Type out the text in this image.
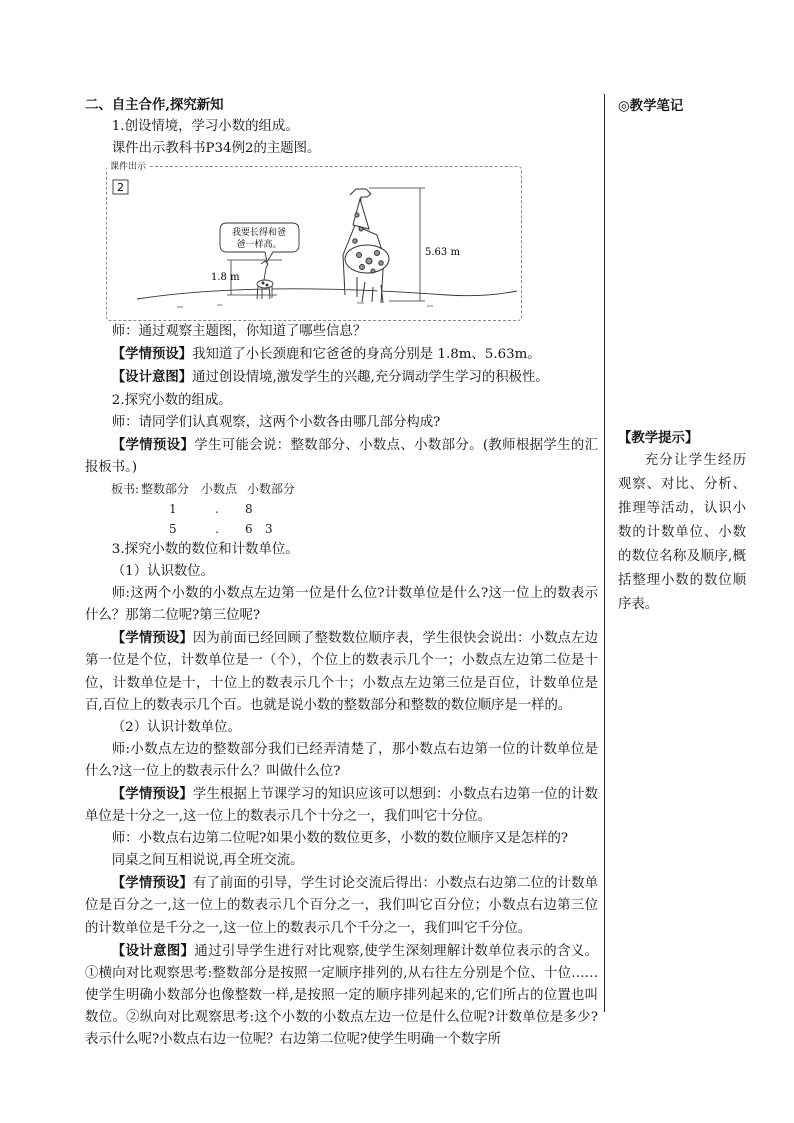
二、自主合作,探究新知

1.创设情境，学习小数的组成。

课件出示教科书P34例2的主题图。

课件出示
2
1.8 m
我要长得和爸
爸一样高。
5.63 m

师：通过观察主题图，你知道了哪些信息？

【学情预设】我知道了小长颈鹿和它爸爸的身高分别是 1.8m、5.63m。

【设计意图】通过创设情境,激发学生的兴趣,充分调动学生学习的积极性。

2.探究小数的组成。

师：请同学们认真观察，这两个小数各由哪几部分构成?

【学情预设】学生可能会说：整数部分、小数点、小数部分。(教师根据学生的汇报板书。)

板书: 整数部分 小数点 小数部分
1	. 8
5	. 6 3

3.探究小数的数位和计数单位。

（1）认识数位。

师:这两个小数的小数点左边第一位是什么位?计数单位是什么?这一位上的数表示什么？那第二位呢?第三位呢?

【学情预设】因为前面已经回顾了整数数位顺序表，学生很快会说出：小数点左边第一位是个位，计数单位是一（个），个位上的数表示几个一；小数点左边第二位是十位，计数单位是十，十位上的数表示几个十；小数点左边第三位是百位，计数单位是百,百位上的数表示几个百。也就是说小数的整数部分和整数的数位顺序是一样的。

（2）认识计数单位。

师:小数点左边的整数部分我们已经弄清楚了，那小数点右边第一位的计数单位是什么?这一位上的数表示什么？叫做什么位?

【学情预设】学生根据上节课学习的知识应该可以想到：小数点右边第一位的计数单位是十分之一,这一位上的数表示几个十分之一，我们叫它十分位。

师：小数点右边第二位呢?如果小数的数位更多，小数的数位顺序又是怎样的?

同桌之间互相说说,再全班交流。

【学情预设】有了前面的引导，学生讨论交流后得出：小数点右边第二位的计数单位是百分之一,这一位上的数表示几个百分之一，我们叫它百分位；小数点右边第三位的计数单位是千分之一,这一位上的数表示几个千分之一，我们叫它千分位。

【设计意图】通过引导学生进行对比观察,使学生深刻理解计数单位表示的含义。①横向对比观察思考:整数部分是按照一定顺序排列的,从右往左分别是个位、十位……使学生明确小数部分也像整数一样,是按照一定的顺序排列起来的,它们所占的位置也叫数位。②纵向对比观察思考:这个小数的小数点左边一位是什么位呢?计数单位是多少?表示什么呢?小数点右边一位呢？右边第二位呢?使学生明确一个数字所

◎教学笔记

【教学提示】

充分让学生经历观察、对比、分析、推理等活动，认识小数的计数单位、小数的数位名称及顺序,概括整理小数的数位顺序表。
